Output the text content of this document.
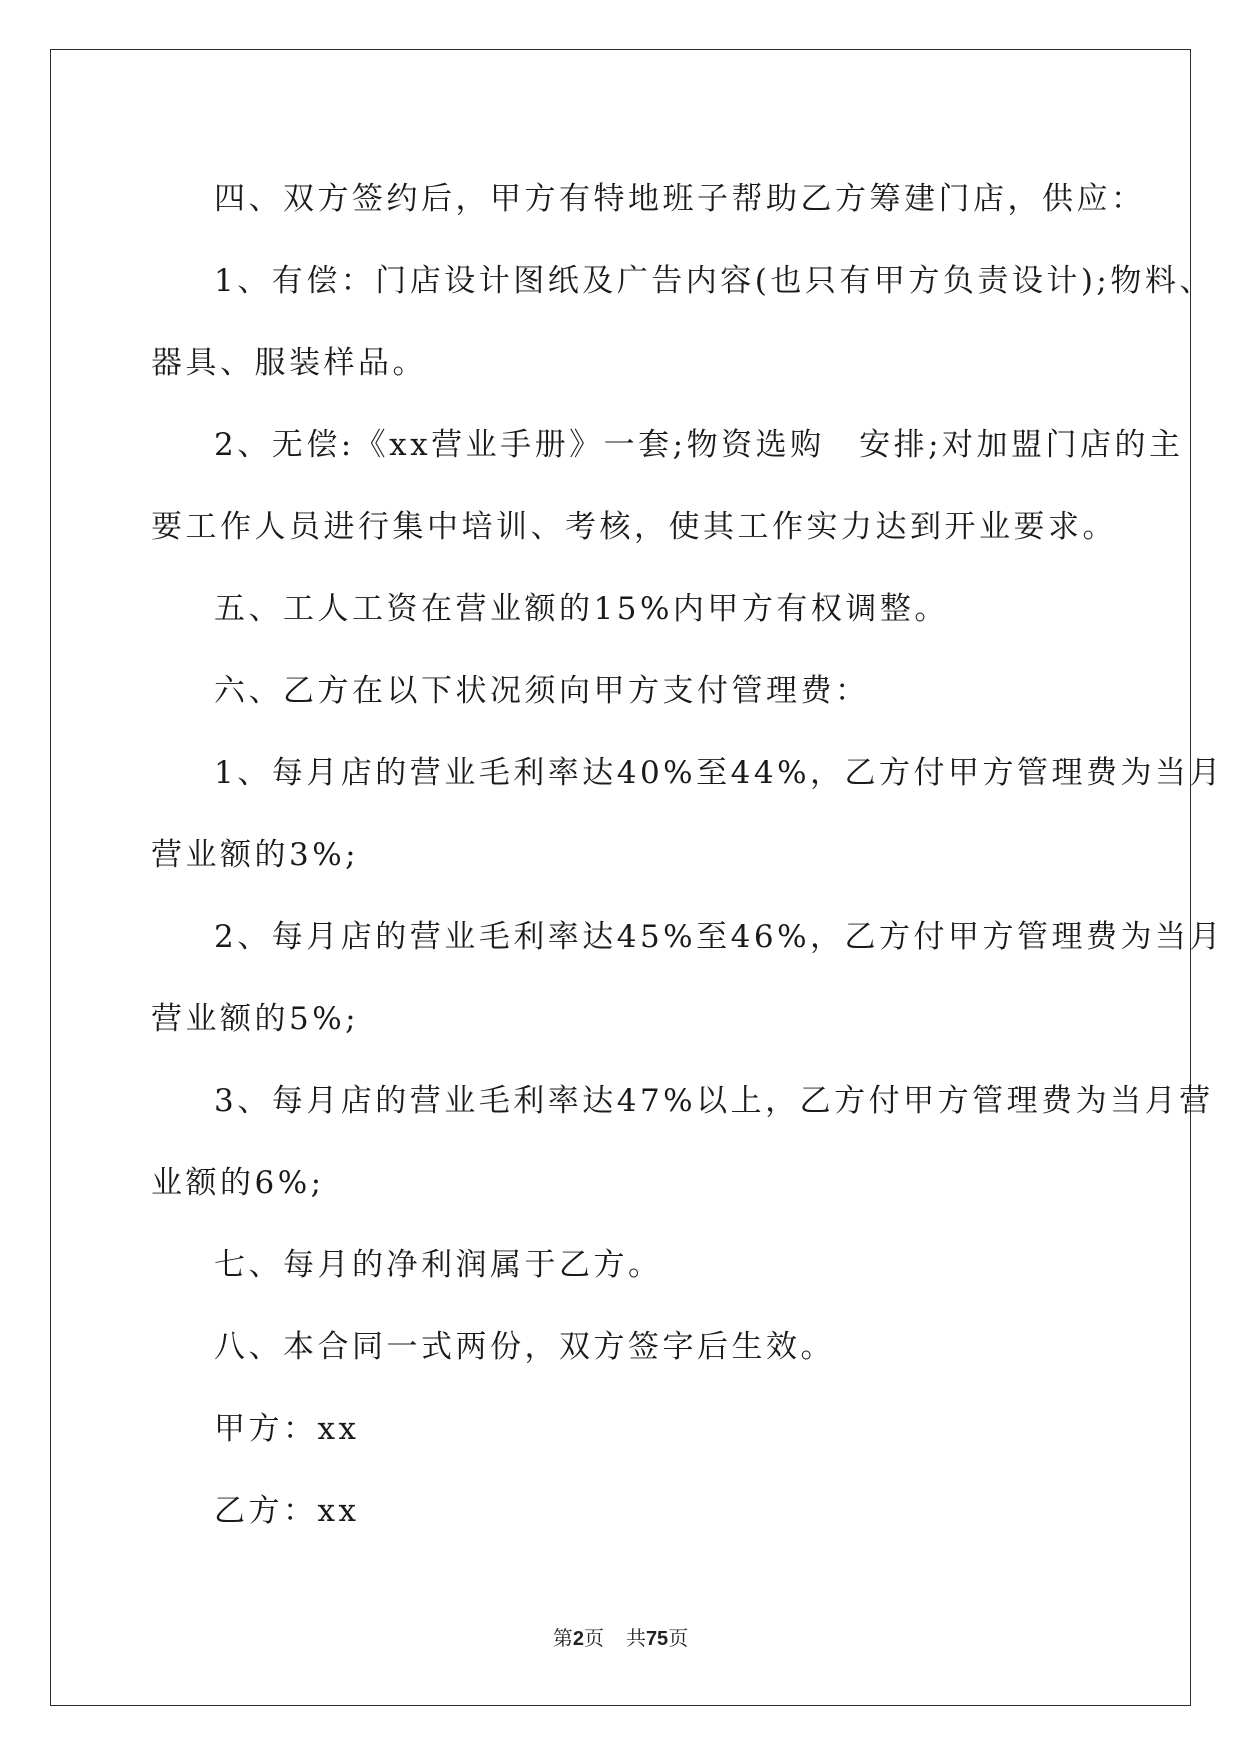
四、双方签约后，甲方有特地班子帮助乙方筹建门店，供应：

1、有偿：门店设计图纸及广告内容(也只有甲方负责设计);物料、

器具、服装样品。

2、无偿:《xx营业手册》一套;物资选购　安排;对加盟门店的主

要工作人员进行集中培训、考核，使其工作实力达到开业要求。

五、工人工资在营业额的15%内甲方有权调整。

六、乙方在以下状况须向甲方支付管理费：

1、每月店的营业毛利率达40%至44%，乙方付甲方管理费为当月

营业额的3%;

2、每月店的营业毛利率达45%至46%，乙方付甲方管理费为当月

营业额的5%;

3、每月店的营业毛利率达47%以上，乙方付甲方管理费为当月营

业额的6%;

七、每月的净利润属于乙方。

八、本合同一式两份，双方签字后生效。

甲方：xx

乙方：xx

第2页 共75页
